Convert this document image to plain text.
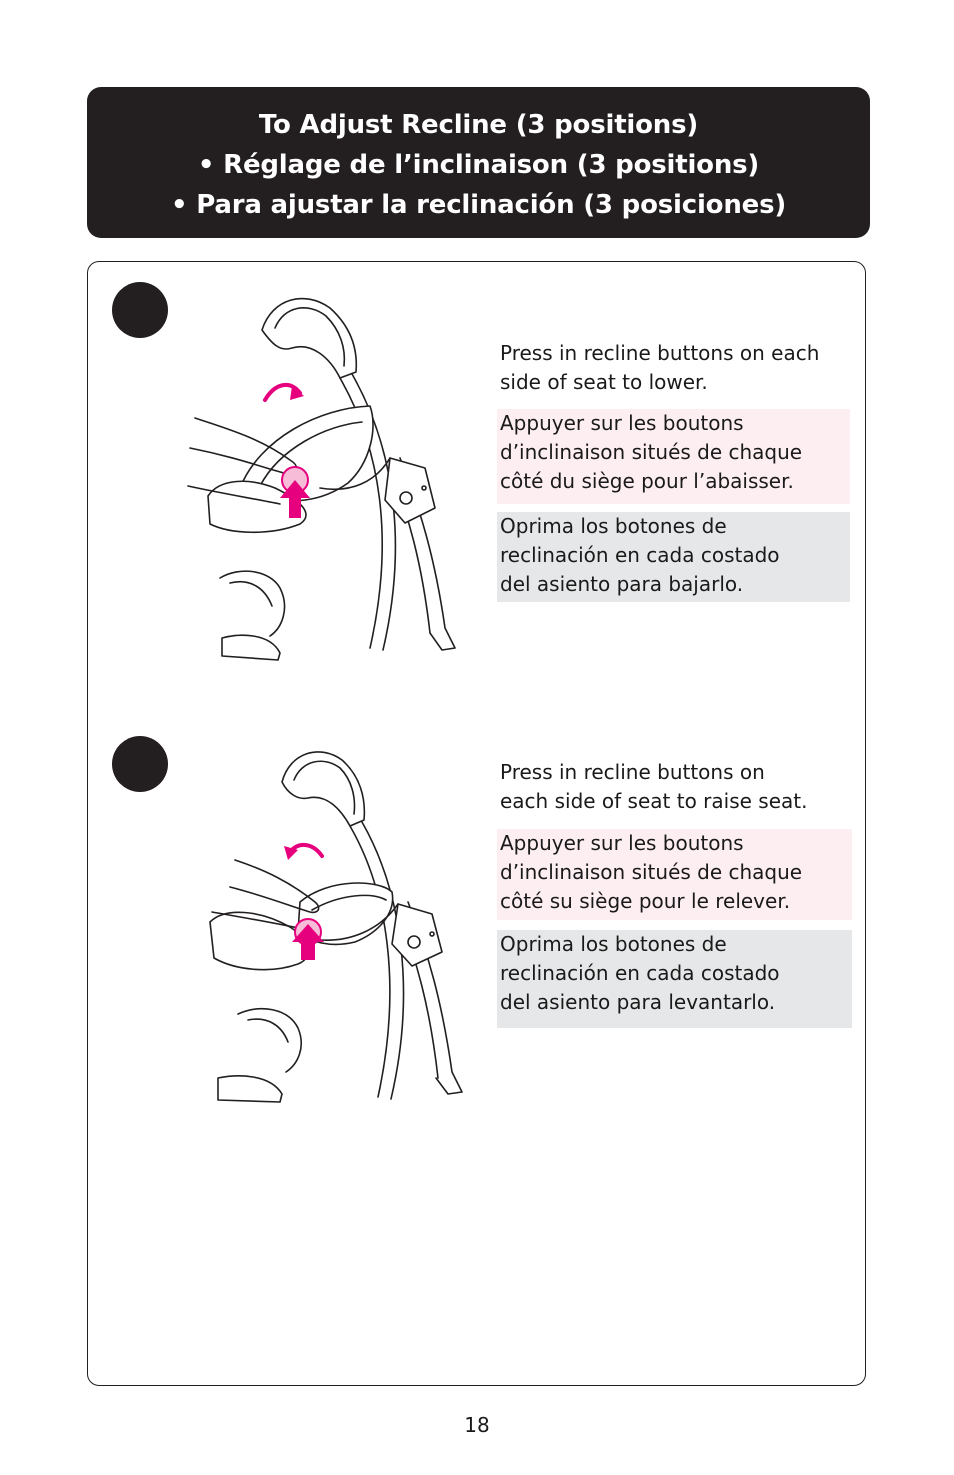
To Adjust Recline (3 positions)
• Réglage de l’inclinaison (3 positions)
• Para ajustar la reclinación (3 posiciones)
Press in recline buttons on each
side of seat to lower.
Appuyer sur les boutons
d’inclinaison situés de chaque
côté du siège pour l’abaisser.
Oprima los botones de
reclinación en cada costado
del asiento para bajarlo.
Press in recline buttons on
each side of seat to raise seat.
Appuyer sur les boutons
d’inclinaison situés de chaque
côté su siège pour le relever.
Oprima los botones de
reclinación en cada costado
del asiento para levantarlo.
18
